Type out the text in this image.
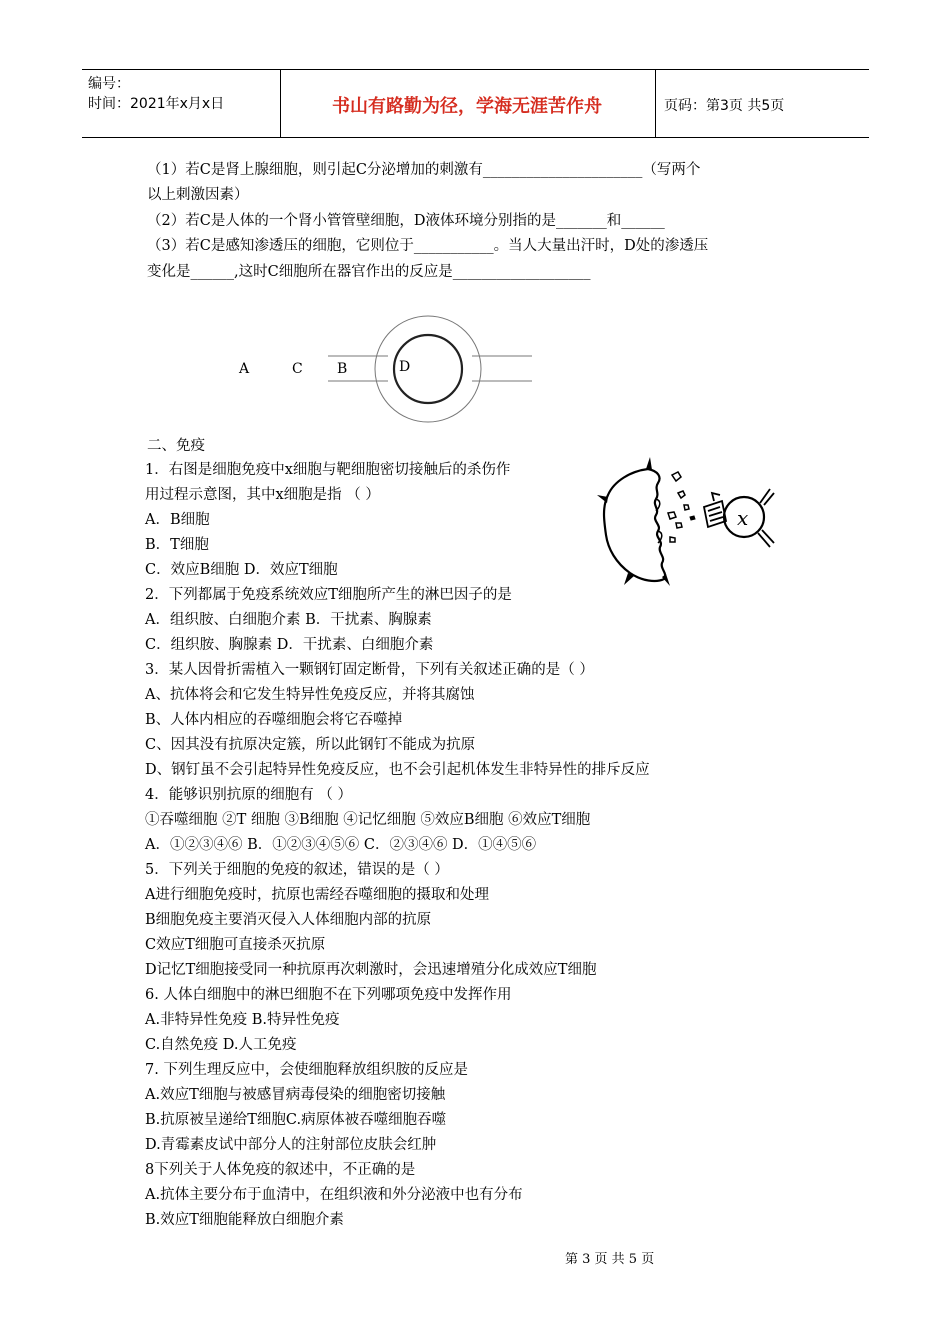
编号：
时间：2021年x月x日	书山有路勤为径，学海无涯苦作舟	页码：第3页 共5页
（1）若C是肾上腺细胞，则引起C分泌增加的刺激有______________________（写两个
以上刺激因素）
（2）若C是人体的一个肾小管管壁细胞，D液体环境分别指的是_______和______
（3）若C是感知渗透压的细胞，它则位于___________。当人大量出汗时，D处的渗透压
变化是______,这时C细胞所在器官作出的反应是___________________
A	C B	D
二、免疫
1．右图是细胞免疫中x细胞与靶细胞密切接触后的杀伤作
用过程示意图，其中x细胞是指 （ ）
A．B细胞
B．T细胞
C．效应B细胞 D．效应T细胞
2．下列都属于免疫系统效应T细胞所产生的淋巴因子的是
A．组织胺、白细胞介素 B．干扰素、胸腺素
C．组织胺、胸腺素 D．干扰素、白细胞介素
3．某人因骨折需植入一颗钢钉固定断骨，下列有关叙述正确的是（ ）
A、抗体将会和它发生特异性免疫反应，并将其腐蚀
B、人体内相应的吞噬细胞会将它吞噬掉
C、因其没有抗原决定簇，所以此钢钉不能成为抗原
D、钢钉虽不会引起特异性免疫反应，也不会引起机体发生非特异性的排斥反应
4．能够识别抗原的细胞有 （ ）
①吞噬细胞 ②T 细胞 ③B细胞 ④记忆细胞 ⑤效应B细胞 ⑥效应T细胞
A．①②③④⑥ B．①②③④⑤⑥ C．②③④⑥ D．①④⑤⑥
5．下列关于细胞的免疫的叙述，错误的是（ ）
A进行细胞免疫时，抗原也需经吞噬细胞的摄取和处理
B细胞免疫主要消灭侵入人体细胞内部的抗原
C效应T细胞可直接杀灭抗原
D记忆T细胞接受同一种抗原再次刺激时，会迅速增殖分化成效应T细胞
6. 人体白细胞中的淋巴细胞不在下列哪项免疫中发挥作用
A.非特异性免疫 B.特异性免疫
C.自然免疫 D.人工免疫
7. 下列生理反应中，会使细胞释放组织胺的反应是
A.效应T细胞与被感冒病毒侵染的细胞密切接触
B.抗原被呈递给T细胞C.病原体被吞噬细胞吞噬
D.青霉素皮试中部分人的注射部位皮肤会红肿
8下列关于人体免疫的叙述中，不正确的是
A.抗体主要分布于血清中，在组织液和外分泌液中也有分布
B.效应T细胞能释放白细胞介素
x
第 3 页 共 5 页
